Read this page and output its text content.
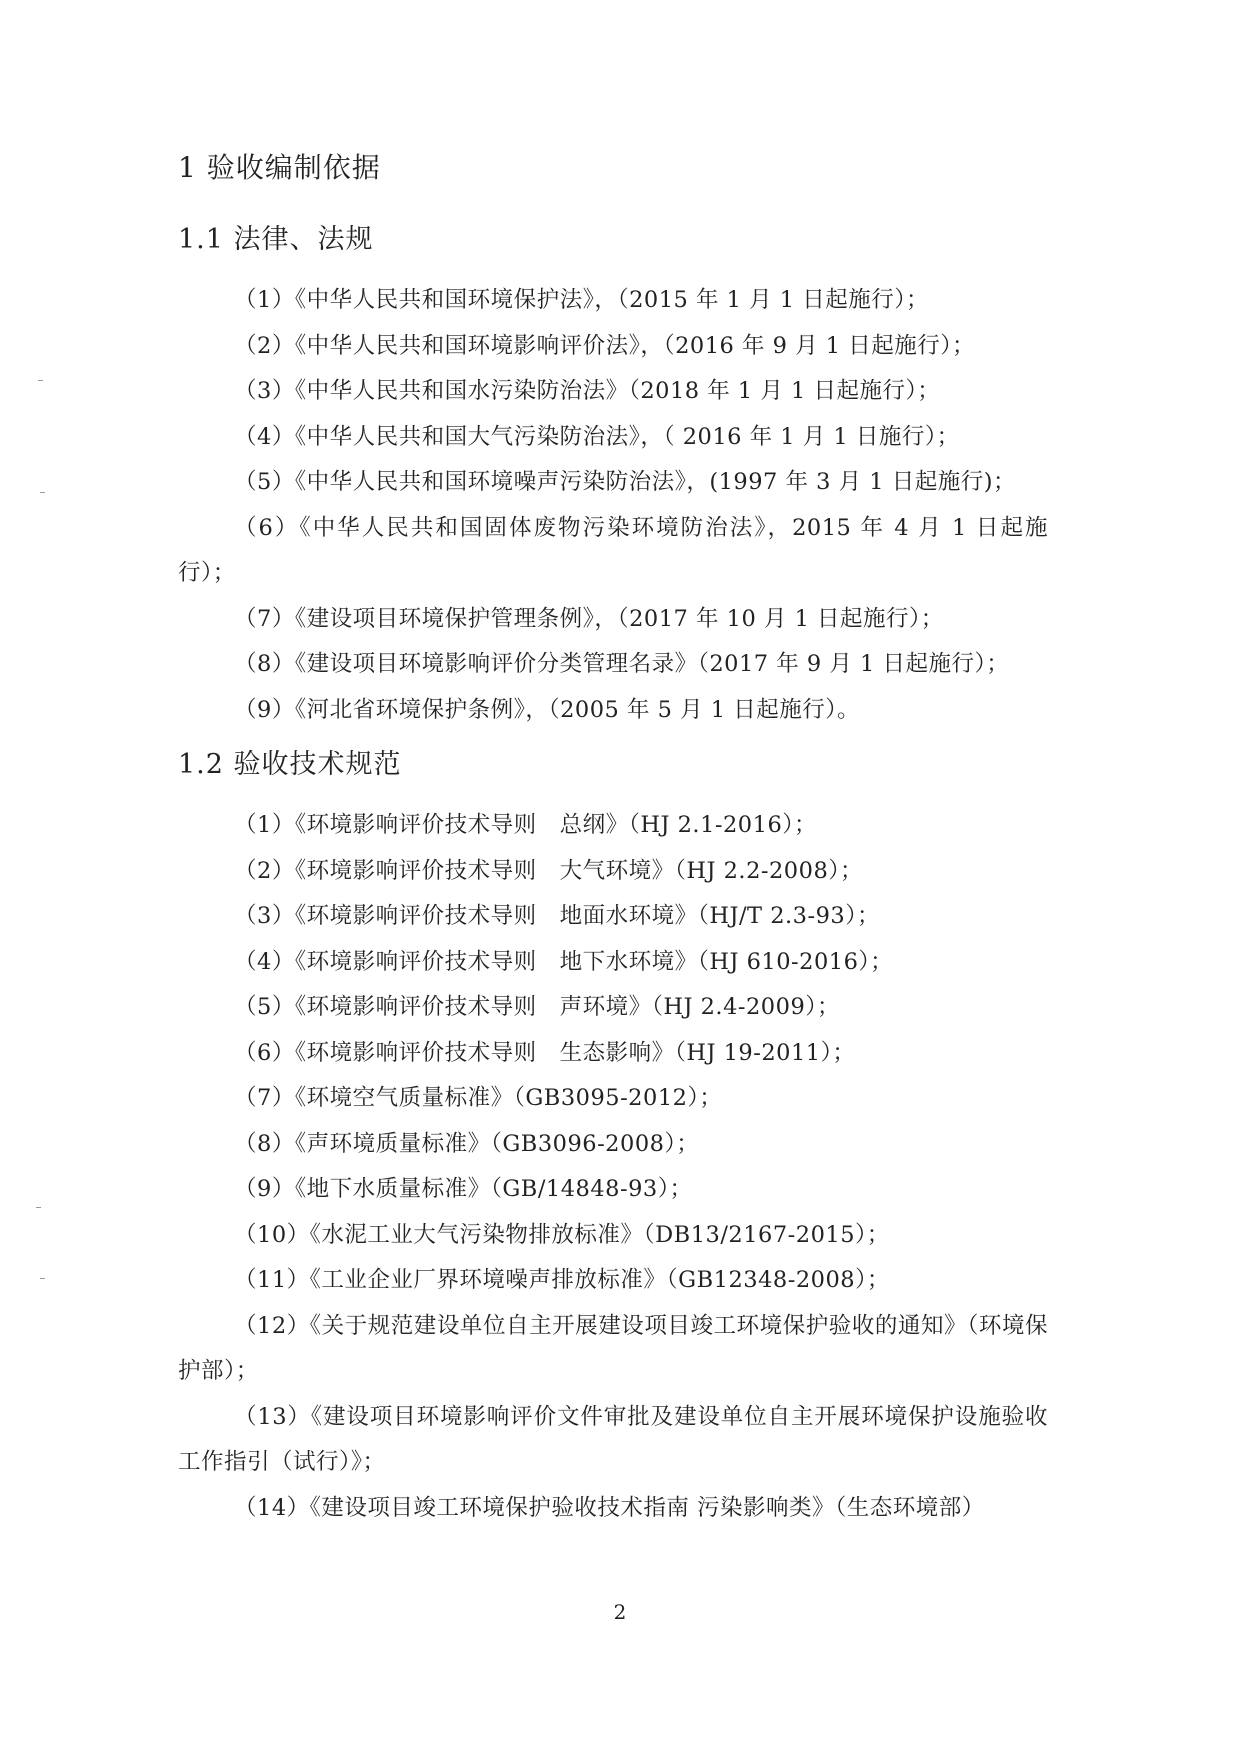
1 验收编制依据
1.1 法律、法规
（1）《中华人民共和国环境保护法》，（2015 年 1 月 1 日起施行）；
（2）《中华人民共和国环境影响评价法》，（2016 年 9 月 1 日起施行）；
（3）《中华人民共和国水污染防治法》（2018 年 1 月 1 日起施行）；
（4）《中华人民共和国大气污染防治法》，（ 2016 年 1 月 1 日施行）；
（5）《中华人民共和国环境噪声污染防治法》，(1997 年 3 月 1 日起施行)；
（6）《中华人民共和国固体废物污染环境防治法》，2015 年 4 月 1 日起施行）；
（7）《建设项目环境保护管理条例》，（2017 年 10 月 1 日起施行）；
（8）《建设项目环境影响评价分类管理名录》（2017 年 9 月 1 日起施行）；
（9）《河北省环境保护条例》，（2005 年 5 月 1 日起施行）。
1.2 验收技术规范
（1）《环境影响评价技术导则　总纲》（HJ 2.1-2016）；
（2）《环境影响评价技术导则　大气环境》（HJ 2.2-2008）；
（3）《环境影响评价技术导则　地面水环境》（HJ/T 2.3-93）；
（4）《环境影响评价技术导则　地下水环境》（HJ 610-2016）；
（5）《环境影响评价技术导则　声环境》（HJ 2.4-2009）；
（6）《环境影响评价技术导则　生态影响》（HJ 19-2011）；
（7）《环境空气质量标准》（GB3095-2012）；
（8）《声环境质量标准》（GB3096-2008）；
（9）《地下水质量标准》（GB/14848-93）；
（10）《水泥工业大气污染物排放标准》（DB13/2167-2015）；
（11）《工业企业厂界环境噪声排放标准》（GB12348-2008）；
（12）《关于规范建设单位自主开展建设项目竣工环境保护验收的通知》（环境保护部）；
（13）《建设项目环境影响评价文件审批及建设单位自主开展环境保护设施验收工作指引（试行）》；
（14）《建设项目竣工环境保护验收技术指南 污染影响类》（生态环境部）
2
